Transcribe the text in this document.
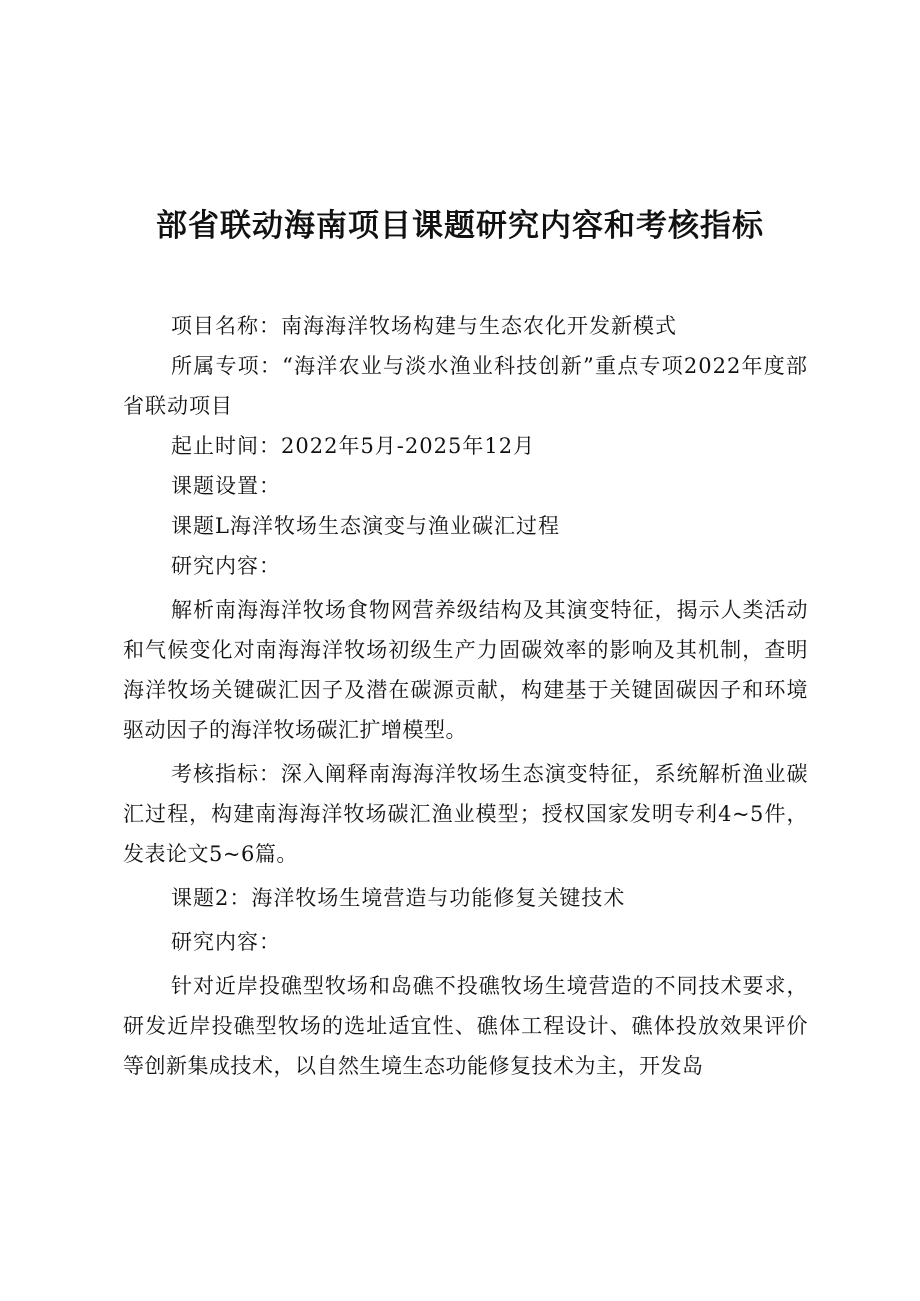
部省联动海南项目课题研究内容和考核指标

项目名称：南海海洋牧场构建与生态农化开发新模式

所属专项：“海洋农业与淡水渔业科技创新”重点专项2022年度部省联动项目

起止时间：2022年5月-2025年12月

课题设置：

课题L海洋牧场生态演变与渔业碳汇过程

研究内容：

解析南海海洋牧场食物网营养级结构及其演变特征，揭示人类活动和气候变化对南海海洋牧场初级生产力固碳效率的影响及其机制，查明海洋牧场关键碳汇因子及潜在碳源贡献，构建基于关键固碳因子和环境驱动因子的海洋牧场碳汇扩增模型。

考核指标：深入阐释南海海洋牧场生态演变特征，系统解析渔业碳汇过程，构建南海海洋牧场碳汇渔业模型；授权国家发明专利4~5件，发表论文5~6篇。

课题2：海洋牧场生境营造与功能修复关键技术

研究内容：

针对近岸投礁型牧场和岛礁不投礁牧场生境营造的不同技术要求，研发近岸投礁型牧场的选址适宜性、礁体工程设计、礁体投放效果评价等创新集成技术，以自然生境生态功能修复技术为主，开发岛
